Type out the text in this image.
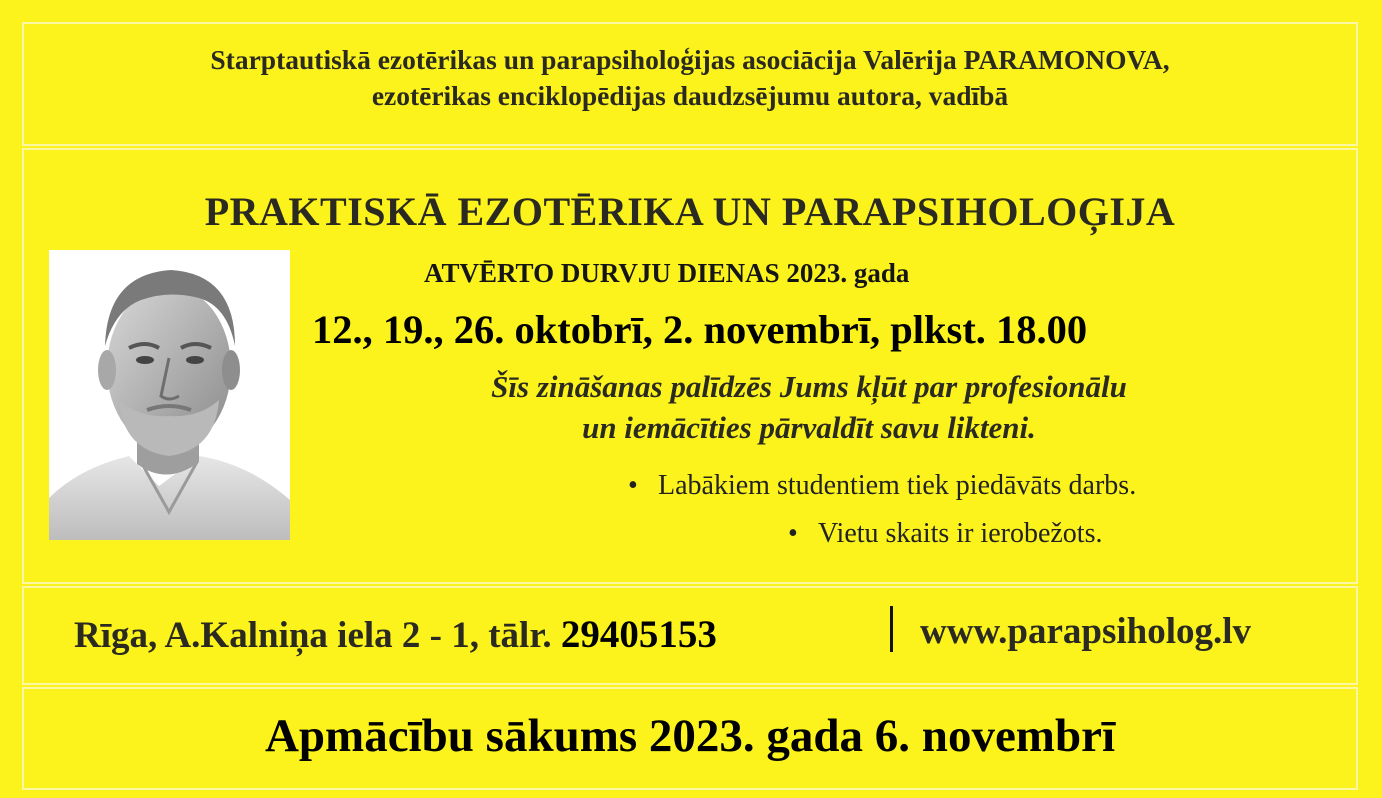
Starptautiskā ezotērikas un parapsiholoģijas asociācija Valērija PARAMONOVA,
ezotērikas enciklopēdijas daudzsējumu autora, vadībā
PRAKTISKĀ EZOTĒRIKA UN PARAPSIHOLOĢIJA
ATVĒRTO DURVJU DIENAS 2023. gada
12., 19., 26. oktobrī, 2. novembrī, plkst. 18.00
Šīs zināšanas palīdzēs Jums kļūt par profesionālu
un iemācīties pārvaldīt savu likteni.
• Labākiem studentiem tiek piedāvāts darbs.
• Vietu skaits ir ierobežots.
Rīga, A.Kalniņa iela 2 - 1, tālr. 29405153	www.parapsiholog.lv
Apmācību sākums 2023. gada 6. novembrī
